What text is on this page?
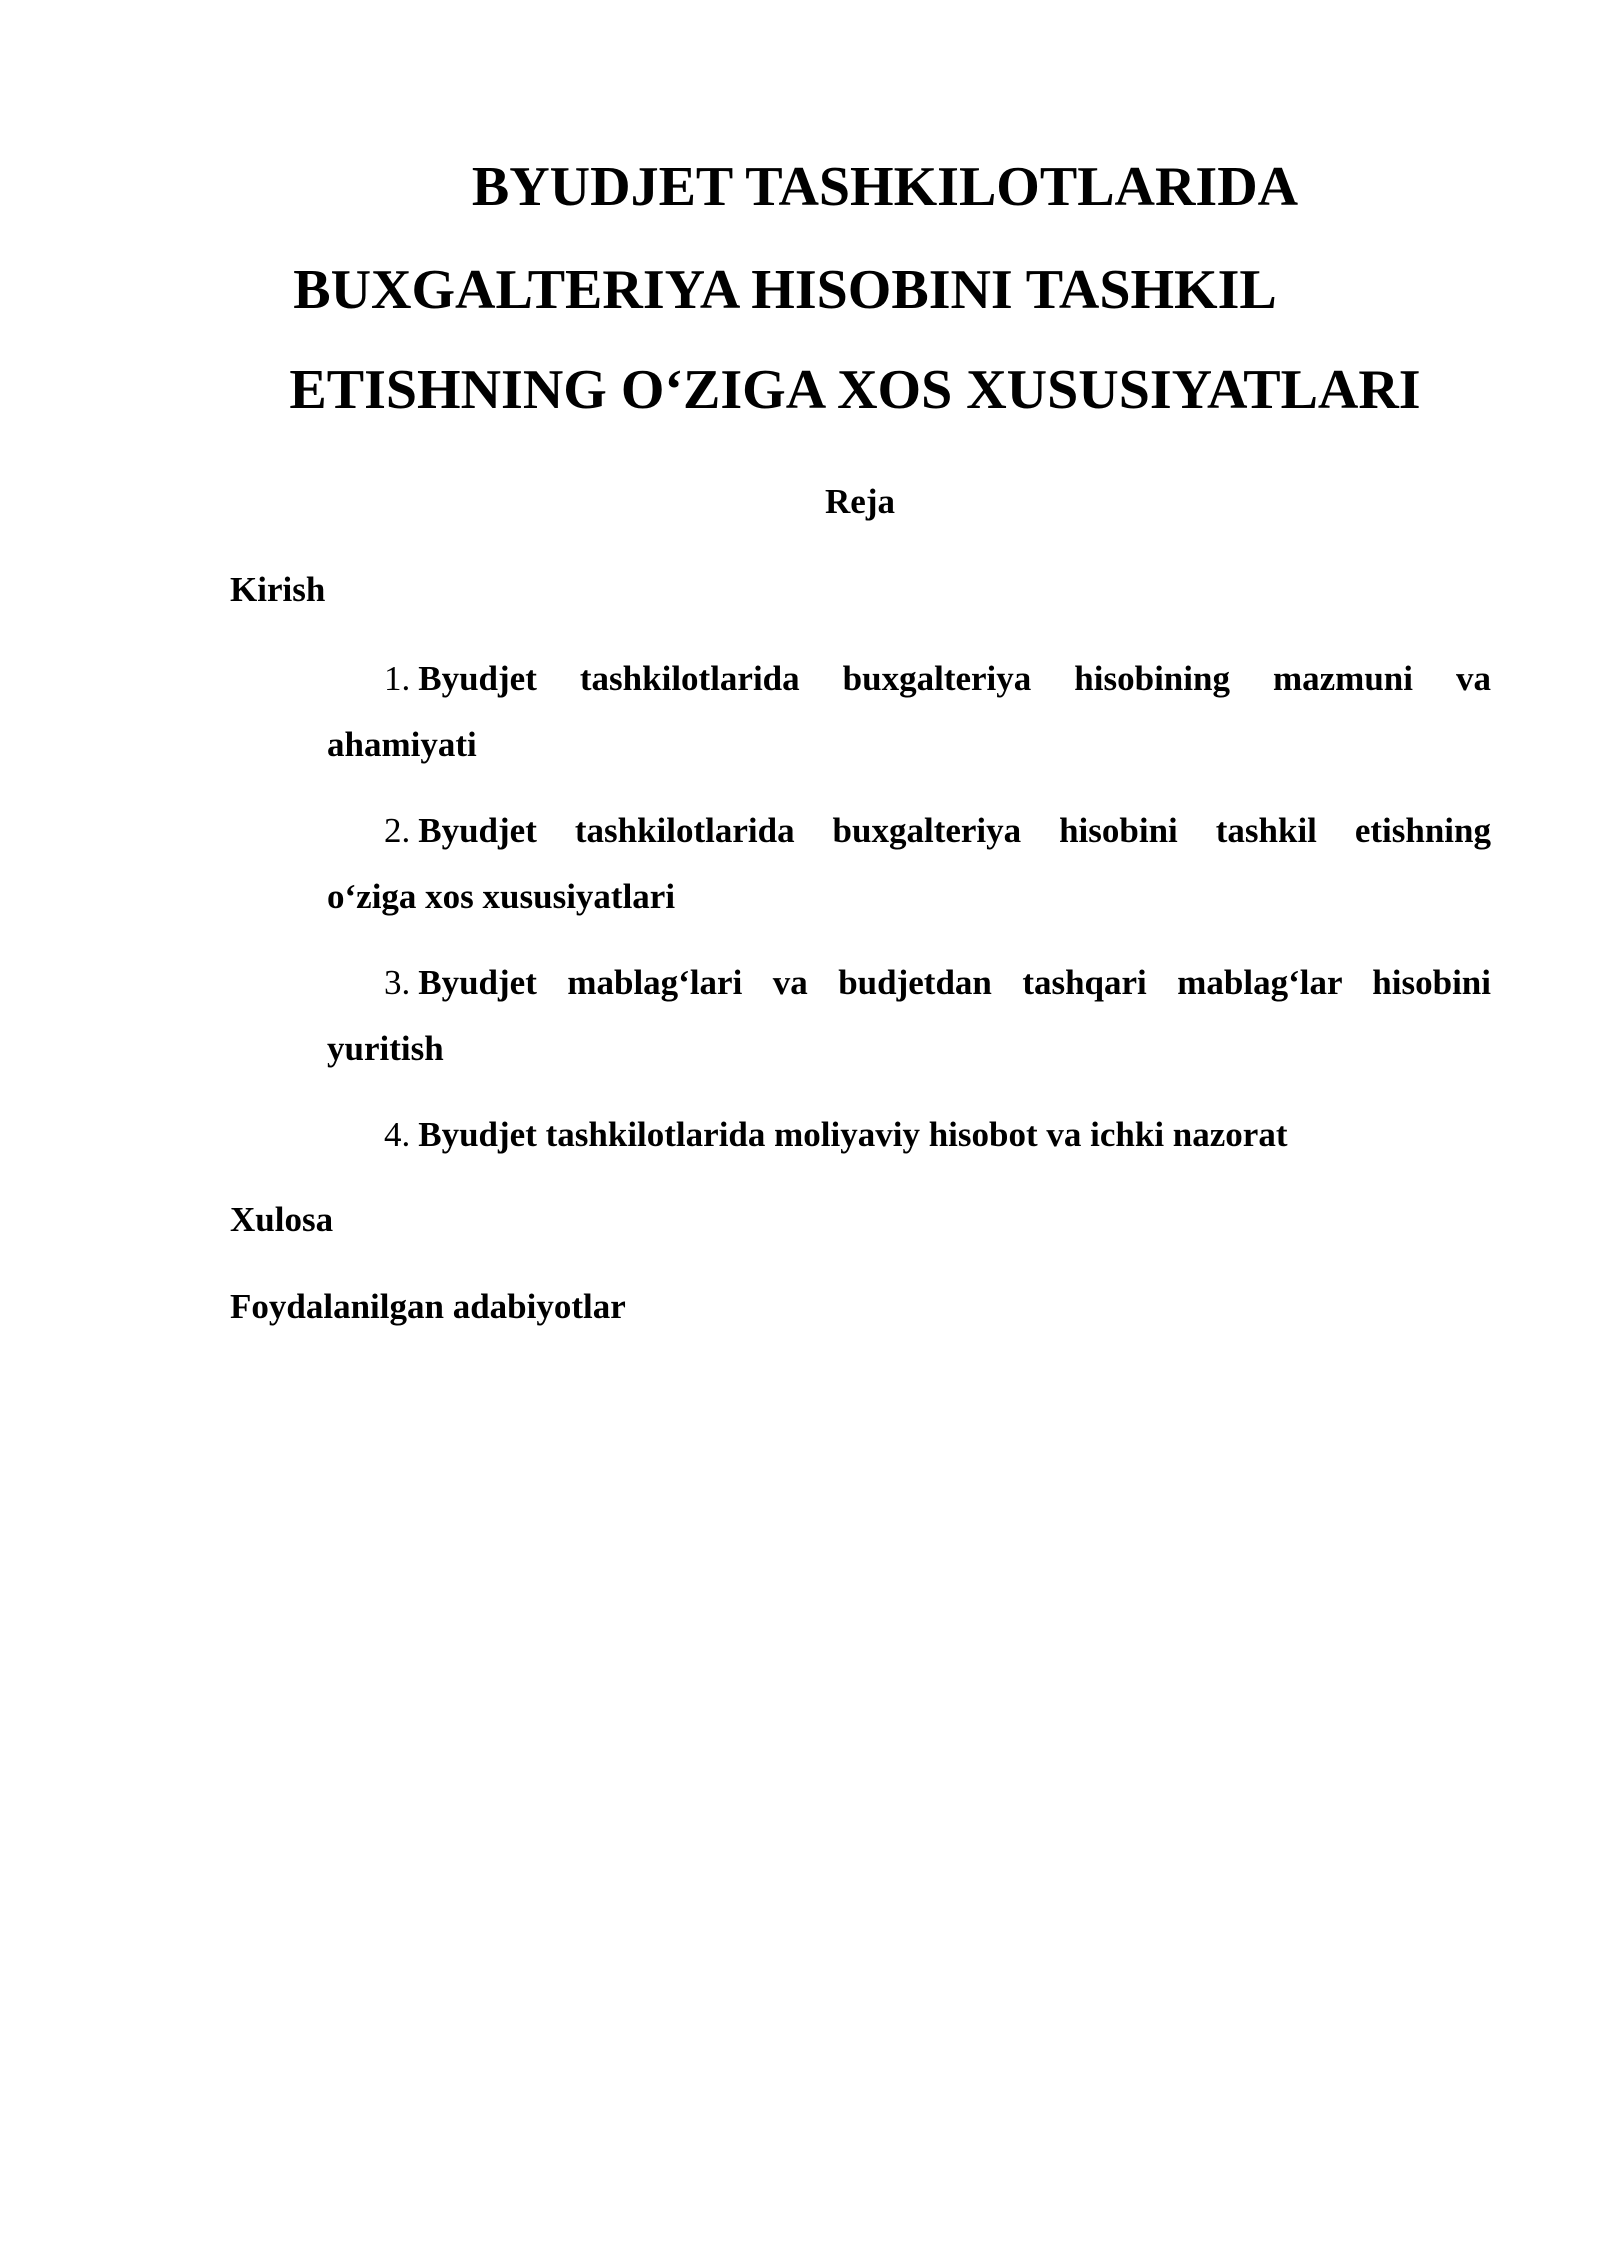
BYUDJET TASHKILOTLARIDA
BUXGALTERIYA HISOBINI TASHKIL
ETISHNING O‘ZIGA XOS XUSUSIYATLARI
Reja
Kirish
1. Byudjet tashkilotlarida buxgalteriya hisobining mazmuni va
ahamiyati
2. Byudjet tashkilotlarida buxgalteriya hisobini tashkil etishning
o‘ziga xos xususiyatlari
3. Byudjet mablag‘lari va budjetdan tashqari mablag‘lar hisobini
yuritish
4. Byudjet tashkilotlarida moliyaviy hisobot va ichki nazorat
Xulosa
Foydalanilgan adabiyotlar
